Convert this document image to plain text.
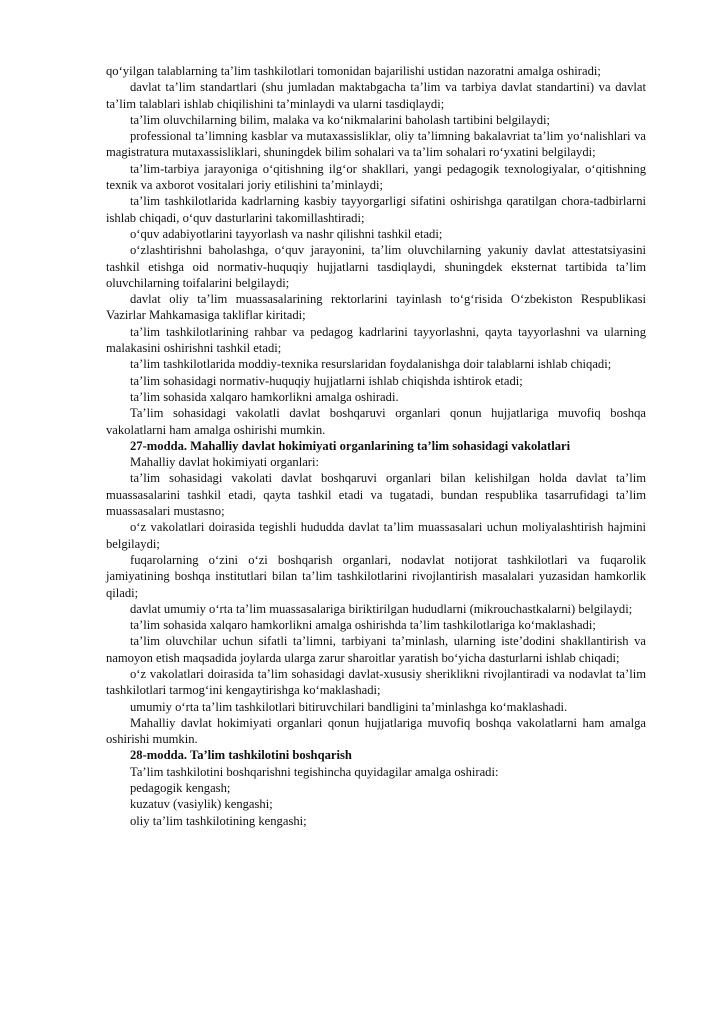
qo‘yilgan talablarning ta’lim tashkilotlari tomonidan bajarilishi ustidan nazoratni amalga oshiradi;

davlat ta’lim standartlari (shu jumladan maktabgacha ta’lim va tarbiya davlat standartini) va davlat ta’lim talablari ishlab chiqilishini ta’minlaydi va ularni tasdiqlaydi;

ta’lim oluvchilarning bilim, malaka va ko‘nikmalarini baholash tartibini belgilaydi;

professional ta’limning kasblar va mutaxassisliklar, oliy ta’limning bakalavriat ta’lim yo‘nalishlari va magistratura mutaxassisliklari, shuningdek bilim sohalari va ta’lim sohalari ro‘yxatini belgilaydi;

ta’lim-tarbiya jarayoniga o‘qitishning ilg‘or shakllari, yangi pedagogik texnologiyalar, o‘qitishning texnik va axborot vositalari joriy etilishini ta’minlaydi;

ta’lim tashkilotlarida kadrlarning kasbiy tayyorgarligi sifatini oshirishga qaratilgan chora-tadbirlarni ishlab chiqadi, o‘quv dasturlarini takomillashtiradi;

o‘quv adabiyotlarini tayyorlash va nashr qilishni tashkil etadi;

o‘zlashtirishni baholashga, o‘quv jarayonini, ta’lim oluvchilarning yakuniy davlat attestatsiyasini tashkil etishga oid normativ-huquqiy hujjatlarni tasdiqlaydi, shuningdek eksternat tartibida ta’lim oluvchilarning toifalarini belgilaydi;

davlat oliy ta’lim muassasalarining rektorlarini tayinlash to‘g‘risida O‘zbekiston Respublikasi Vazirlar Mahkamasiga takliflar kiritadi;

ta’lim tashkilotlarining rahbar va pedagog kadrlarini tayyorlashni, qayta tayyorlashni va ularning malakasini oshirishni tashkil etadi;

ta’lim tashkilotlarida moddiy-texnika resurslaridan foydalanishga doir talablarni ishlab chiqadi;

ta’lim sohasidagi normativ-huquqiy hujjatlarni ishlab chiqishda ishtirok etadi;

ta’lim sohasida xalqaro hamkorlikni amalga oshiradi.

Ta’lim sohasidagi vakolatli davlat boshqaruvi organlari qonun hujjatlariga muvofiq boshqa vakolatlarni ham amalga oshirishi mumkin.

27-modda. Mahalliy davlat hokimiyati organlarining ta’lim sohasidagi vakolatlari

Mahalliy davlat hokimiyati organlari:

ta’lim sohasidagi vakolati davlat boshqaruvi organlari bilan kelishilgan holda davlat ta’lim muassasalarini tashkil etadi, qayta tashkil etadi va tugatadi, bundan respublika tasarrufidagi ta’lim muassasalari mustasno;

o‘z vakolatlari doirasida tegishli hududda davlat ta’lim muassasalari uchun moliyalashtirish hajmini belgilaydi;

fuqarolarning o‘zini o‘zi boshqarish organlari, nodavlat notijorat tashkilotlari va fuqarolik jamiyatining boshqa institutlari bilan ta’lim tashkilotlarini rivojlantirish masalalari yuzasidan hamkorlik qiladi;

davlat umumiy o‘rta ta’lim muassasalariga biriktirilgan hududlarni (mikrouchastkalarni) belgilaydi;

ta’lim sohasida xalqaro hamkorlikni amalga oshirishda ta’lim tashkilotlariga ko‘maklashadi;

ta’lim oluvchilar uchun sifatli ta’limni, tarbiyani ta’minlash, ularning iste’dodini shakllantirish va namoyon etish maqsadida joylarda ularga zarur sharoitlar yaratish bo‘yicha dasturlarni ishlab chiqadi;

o‘z vakolatlari doirasida ta’lim sohasidagi davlat-xususiy sheriklikni rivojlantiradi va nodavlat ta’lim tashkilotlari tarmog‘ini kengaytirishga ko‘maklashadi;

umumiy o‘rta ta’lim tashkilotlari bitiruvchilari bandligini ta’minlashga ko‘maklashadi.

Mahalliy davlat hokimiyati organlari qonun hujjatlariga muvofiq boshqa vakolatlarni ham amalga oshirishi mumkin.

28-modda. Ta’lim tashkilotini boshqarish

Ta’lim tashkilotini boshqarishni tegishincha quyidagilar amalga oshiradi:

pedagogik kengash;

kuzatuv (vasiylik) kengashi;

oliy ta’lim tashkilotining kengashi;
